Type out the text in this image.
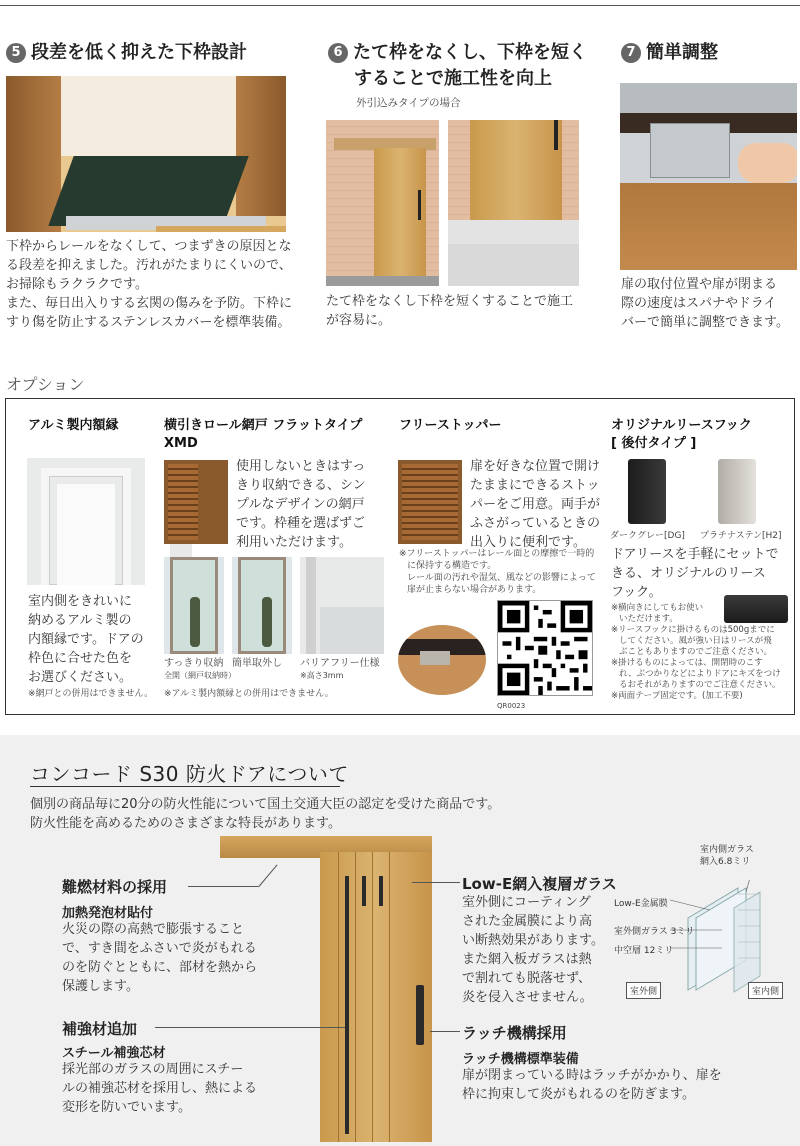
5 段差を低く抑えた下枠設計
下枠からレールをなくして、つまずきの原因とな
る段差を抑えました。汚れがたまりにくいので、
お掃除もラクラクです。
また、毎日出入りする玄関の傷みを予防。下枠に
すり傷を防止するステンレスカバーを標準装備。
6 たて枠をなくし、下枠を短く
することで施工性を向上
外引込みタイプの場合
たて枠をなくし下枠を短くすることで施工
が容易に。
7 簡単調整
扉の取付位置や扉が閉まる
際の速度はスパナやドライ
バーで簡単に調整できます。
オプション
アルミ製内額縁
室内側をきれいに
納めるアルミ製の
内額縁です。ドアの
枠色に合せた色を
お選びください。
※網戸との併用はできません。
横引きロール網戸 フラットタイプ
XMD

使用しないときはすっ
きり収納できる、シン
プルなデザインの網戸
です。枠種を選ばずご
利用いただけます。
すっきり収納
全開（網戸収納時）
簡単取外し バリアフリー仕様
※高さ3mm
※アルミ製内額縁との併用はできません。
フリーストッパー
扉を好きな位置で開け
たままにできるストッ
パーをご用意。両手が
ふさがっているときの
出入りに便利です。
※フリーストッパーはレール面との摩擦で一時的
に保持する構造です。
レール面の汚れや湿気、風などの影響によって
扉が止まらない場合があります。
QR0023
オリジナルリースフック
[ 後付タイプ ]
ダークグレー[DG] プラチナステン[H2]
ドアリースを手軽にセットで
きる、オリジナルのリース
フック。
※横向きにしてもお使い
いただけます。
※リースフックに掛けるものは500gまでに
してください。風が強い日はリースが飛
ぶこともありますのでご注意ください。
※掛けるものによっては、開閉時のこす
れ、ぶつかりなどによりドアにキズをつけ
るおそれがありますのでご注意ください。
※両面テープ固定です。(加工不要)
コンコード S30 防火ドアについて
個別の商品毎に20分の防火性能について国土交通大臣の認定を受けた商品です。
防火性能を高めるためのさまざまな特長があります。
難燃材料の採用
加熱発泡材貼付
火災の際の高熱で膨張すること
で、すき間をふさいで炎がもれる
のを防ぐとともに、部材を熱から
保護します。
補強材追加
スチール補強芯材
採光部のガラスの周囲にスチー
ルの補強芯材を採用し、熱による
変形を防いでいます。
Low-E網入複層ガラス
室外側にコーティング
された金属膜により高
い断熱効果があります。
また網入板ガラスは熱
で割れても脱落せず、
炎を侵入させません。
室内側ガラス
網入6.8ミリ
Low-E金属膜
室外側ガラス 3ミリ
中空層 12ミリ
室外側	室内側
ラッチ機構採用
ラッチ機構標準装備
扉が閉まっている時はラッチがかかり、扉を
枠に拘束して炎がもれるのを防ぎます。
